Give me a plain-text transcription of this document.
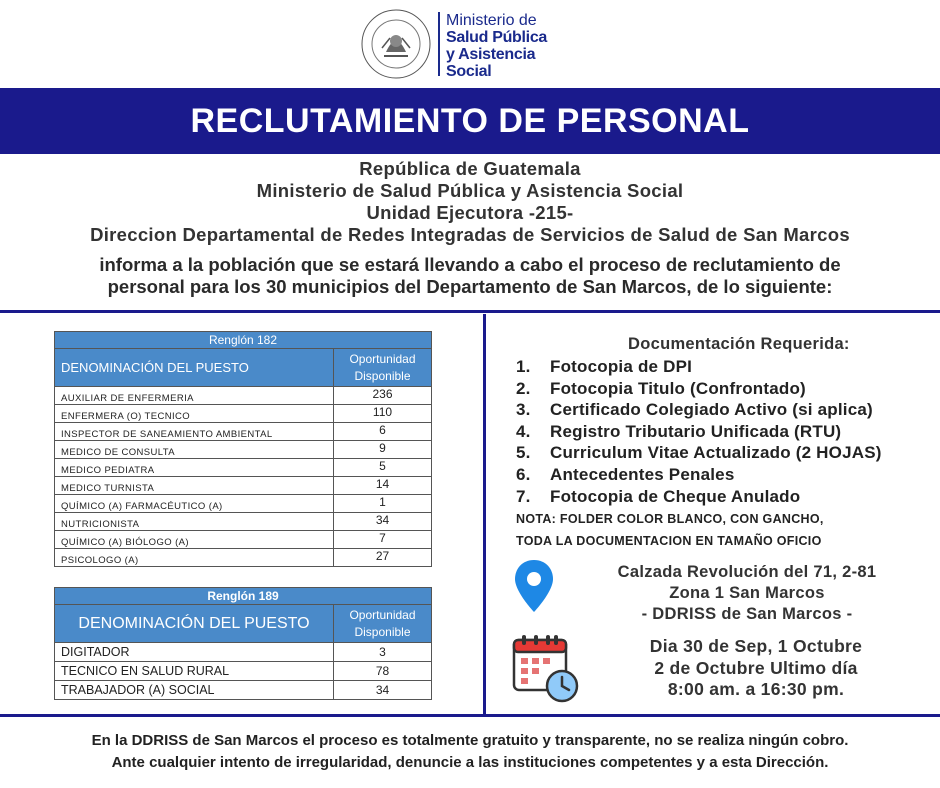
Ministerio de
Salud Pública
y Asistencia
Social
RECLUTAMIENTO DE PERSONAL
República de Guatemala
Ministerio de Salud Pública y Asistencia Social
Unidad Ejecutora -215-
Direccion Departamental de Redes Integradas de Servicios de Salud de San Marcos
informa a la población que se estará llevando a cabo el proceso de reclutamiento de
personal para los 30 municipios del Departamento de San Marcos, de lo siguiente:
Renglón 182	
DENOMINACIÓN DEL PUESTO	Oportunidad
Disponible
AUXILIAR DE ENFERMERIA	236
ENFERMERA (O) TECNICO	110
INSPECTOR DE SANEAMIENTO AMBIENTAL	6
MEDICO DE CONSULTA	9
MEDICO PEDIATRA	5
MEDICO TURNISTA	14
QUÍMICO (A) FARMACÉUTICO (A)	1
NUTRICIONISTA	34
QUÍMICO (A) BIÓLOGO (A)	7
PSICOLOGO (A)	27
Renglón 189	
DENOMINACIÓN DEL PUESTO	Oportunidad
Disponible
DIGITADOR	3
TECNICO EN SALUD RURAL	78
TRABAJADOR (A) SOCIAL	34
Documentación Requerida:
1. Fotocopia de DPI
2. Fotocopia Titulo (Confrontado)
3. Certificado Colegiado Activo (si aplica)
4. Registro Tributario Unificada (RTU)
5. Curriculum Vitae Actualizado (2 HOJAS)
6. Antecedentes Penales
7. Fotocopia de Cheque Anulado
NOTA: FOLDER COLOR BLANCO, CON GANCHO,
TODA LA DOCUMENTACION EN TAMAÑO OFICIO
Calzada Revolución del 71, 2-81
Zona 1 San Marcos
- DDRISS de San Marcos -
Dia 30 de Sep, 1 Octubre
2 de Octubre Ultimo día
8:00 am. a 16:30 pm.
En la DDRISS de San Marcos el proceso es totalmente gratuito y transparente, no se realiza ningún cobro.
Ante cualquier intento de irregularidad, denuncie a las instituciones competentes y a esta Dirección.
